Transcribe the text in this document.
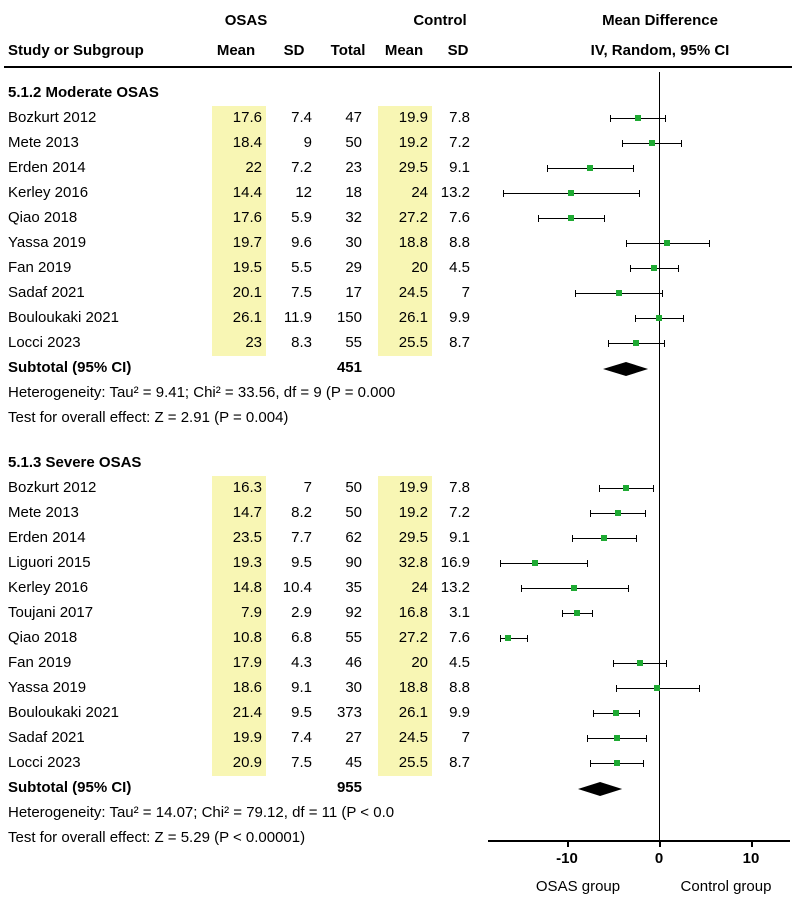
OSAS	Control	Mean Difference
Study or Subgroup	Mean SD Total Mean SD	IV, Random, 95% CI
5.1.2 Moderate OSAS
Bozkurt 2012	17.6 7.4 47 19.9 7.8
Mete 2013	18.4	9 50 19.2 7.2
Erden 2014	22 7.2 23 29.5 9.1
Kerley 2016	14.4 12 18	24 13.2
Qiao 2018	17.6 5.9 32 27.2 7.6
Yassa 2019	19.7 9.6 30 18.8 8.8
Fan 2019	19.5 5.5 29	20 4.5
Sadaf 2021	20.1 7.5 17 24.5 7
Bouloukaki 2021	26.1 11.9 150 26.1 9.9
Locci 2023	23 8.3 55 25.5 8.7
Subtotal (95% CI)	451
Heterogeneity: Tau² = 9.41; Chi² = 33.56, df = 9 (P = 0.000
Test for overall effect: Z = 2.91 (P = 0.004)
5.1.3 Severe OSAS
Bozkurt 2012	16.3	7 50 19.9 7.8
Mete 2013	14.7 8.2 50 19.2 7.2
Erden 2014	23.5 7.7 62 29.5 9.1
Liguori 2015	19.3 9.5 90 32.8 16.9
Kerley 2016	14.8 10.4 35	24 13.2
Toujani 2017	7.9 2.9 92 16.8 3.1
Qiao 2018	10.8 6.8 55 27.2 7.6
Fan 2019	17.9 4.3 46	20 4.5
Yassa 2019	18.6 9.1 30 18.8 8.8
Bouloukaki 2021	21.4 9.5 373 26.1 9.9
Sadaf 2021	19.9 7.4 27 24.5 7
Locci 2023	20.9 7.5 45 25.5 8.7
Subtotal (95% CI)	955
Heterogeneity: Tau² = 14.07; Chi² = 79.12, df = 11 (P < 0.0
Test for overall effect: Z = 5.29 (P < 0.00001)
-10	0	10
OSAS group	Control group
